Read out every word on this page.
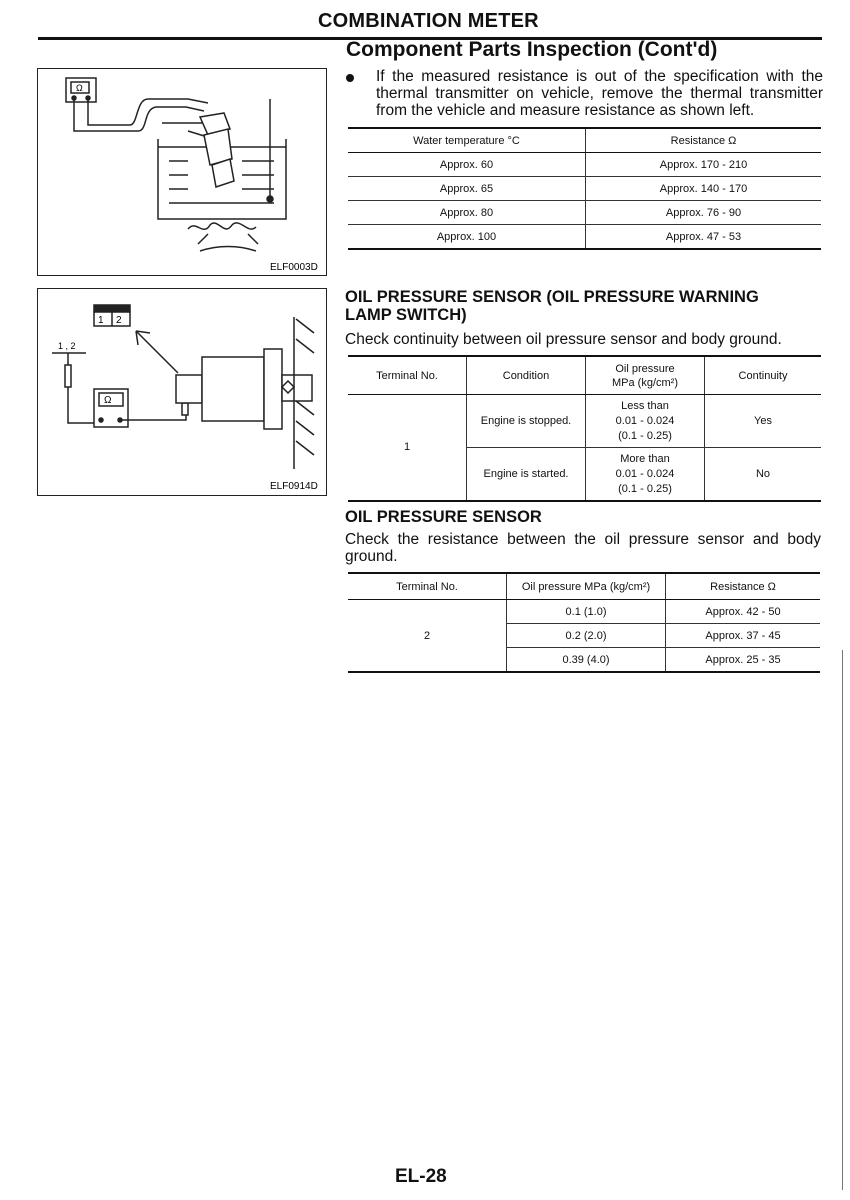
COMBINATION METER
Component Parts Inspection (Cont'd)
ELF0003D
Ω
1 2
1 , 2
Ω
ELF0914D
If the measured resistance is out of the specification with the thermal transmitter on vehicle, remove the thermal transmitter from the vehicle and measure resistance as shown left.
Water temperature °C	Resistance Ω
Approx. 60	Approx. 170 - 210
Approx. 65	Approx. 140 - 170
Approx. 80	Approx. 76 - 90
Approx. 100	Approx. 47 - 53
OIL PRESSURE SENSOR (OIL PRESSURE WARNING
LAMP SWITCH)
Check continuity between oil pressure sensor and body ground.
Terminal No.	Condition	Oil pressure
MPa (kg/cm²)	Continuity
1	Engine is stopped.	Less than
0.01 - 0.024
(0.1 - 0.25)	Yes
	Engine is started.	More than
0.01 - 0.024
(0.1 - 0.25)	No
OIL PRESSURE SENSOR
Check the resistance between the oil pressure sensor and body ground.
Terminal No.	Oil pressure MPa (kg/cm²)	Resistance Ω
2	0.1 (1.0)	Approx. 42 - 50
	0.2 (2.0)	Approx. 37 - 45
	0.39 (4.0)	Approx. 25 - 35
EL-28
